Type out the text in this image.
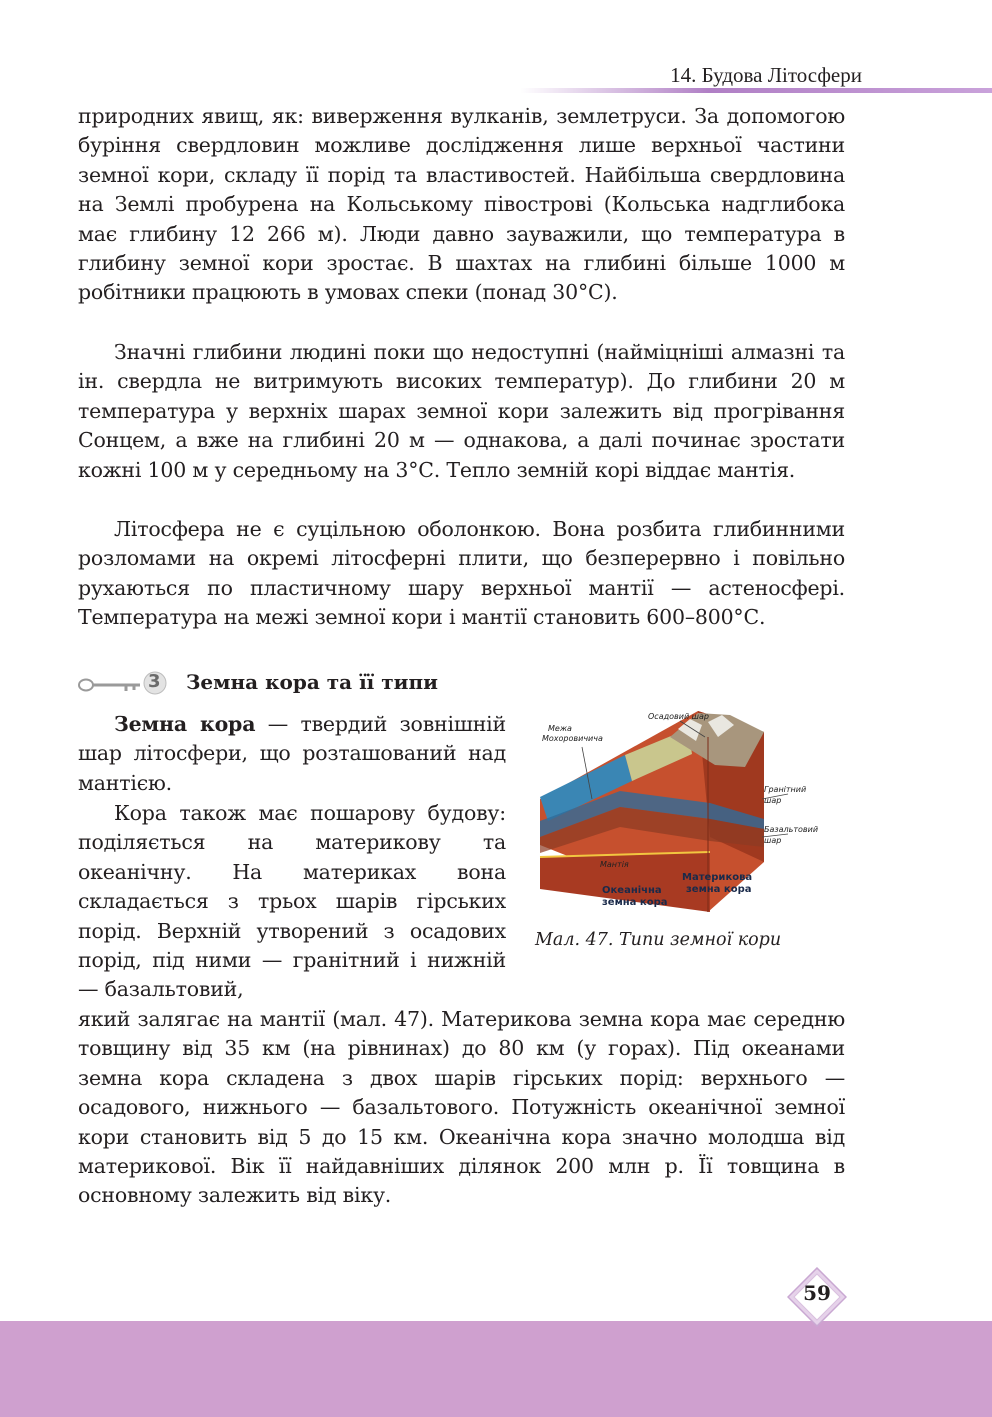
14. Будова Літосфери

природних явищ, як: виверження вулканів, землетруси. За допомогою буріння свердловин можливе дослідження лише верхньої частини земної кори, складу її порід та властивостей. Найбільша свердловина на Землі пробурена на Кольському півострові (Кольська надглибока має глибину 12 266 м). Люди давно зауважили, що температура в глибину земної кори зростає. В шахтах на глибині більше 1000 м робітники працюють в умовах спеки (понад 30°С).

Значні глибини людині поки що недоступні (найміцніші алмазні та ін. свердла не витримують високих температур). До глибини 20 м температура у верхніх шарах земної кори залежить від прогрівання Сонцем, а вже на глибині 20 м — однакова, а далі починає зростати кожні 100 м у середньому на 3°С. Тепло земній корі віддає мантія.

Літосфера не є суцільною оболонкою. Вона розбита глибинними розломами на окремі літосферні плити, що безперервно і повільно рухаються по пластичному шару верхньої мантії — астеносфері. Температура на межі земної кори і мантії становить 600–800°С.

3 Земна кора та її типи

Земна кора — твердий зовнішній шар літосфери, що розташований над мантією.

Кора також має пошарову будову: поділяється на материкову та океанічну. На материках вона складається з трьох шарів гірських порід. Верхній утворений з осадових порід, під ними — гранітний і нижній — базальтовий,

який залягає на мантії (мал. 47). Материкова земна кора має середню товщину від 35 км (на рівнинах) до 80 км (у горах). Під океанами земна кора складена з двох шарів гірських порід: верхнього — осадового, нижнього — базальтового. Потужність океанічної земної кори становить від 5 до 15 км. Океанічна кора значно молодша від материкової. Вік її найдавніших ділянок 200 млн р. Її товщина в основному залежить від віку.

Осадовий шар
Межа
Мохоровичича
Гранітний
шар
Базальтовий
шар
Мантія
Океанічна
земна кора
Материкова
земна кора
Мал. 47. Типи земної кори
59
